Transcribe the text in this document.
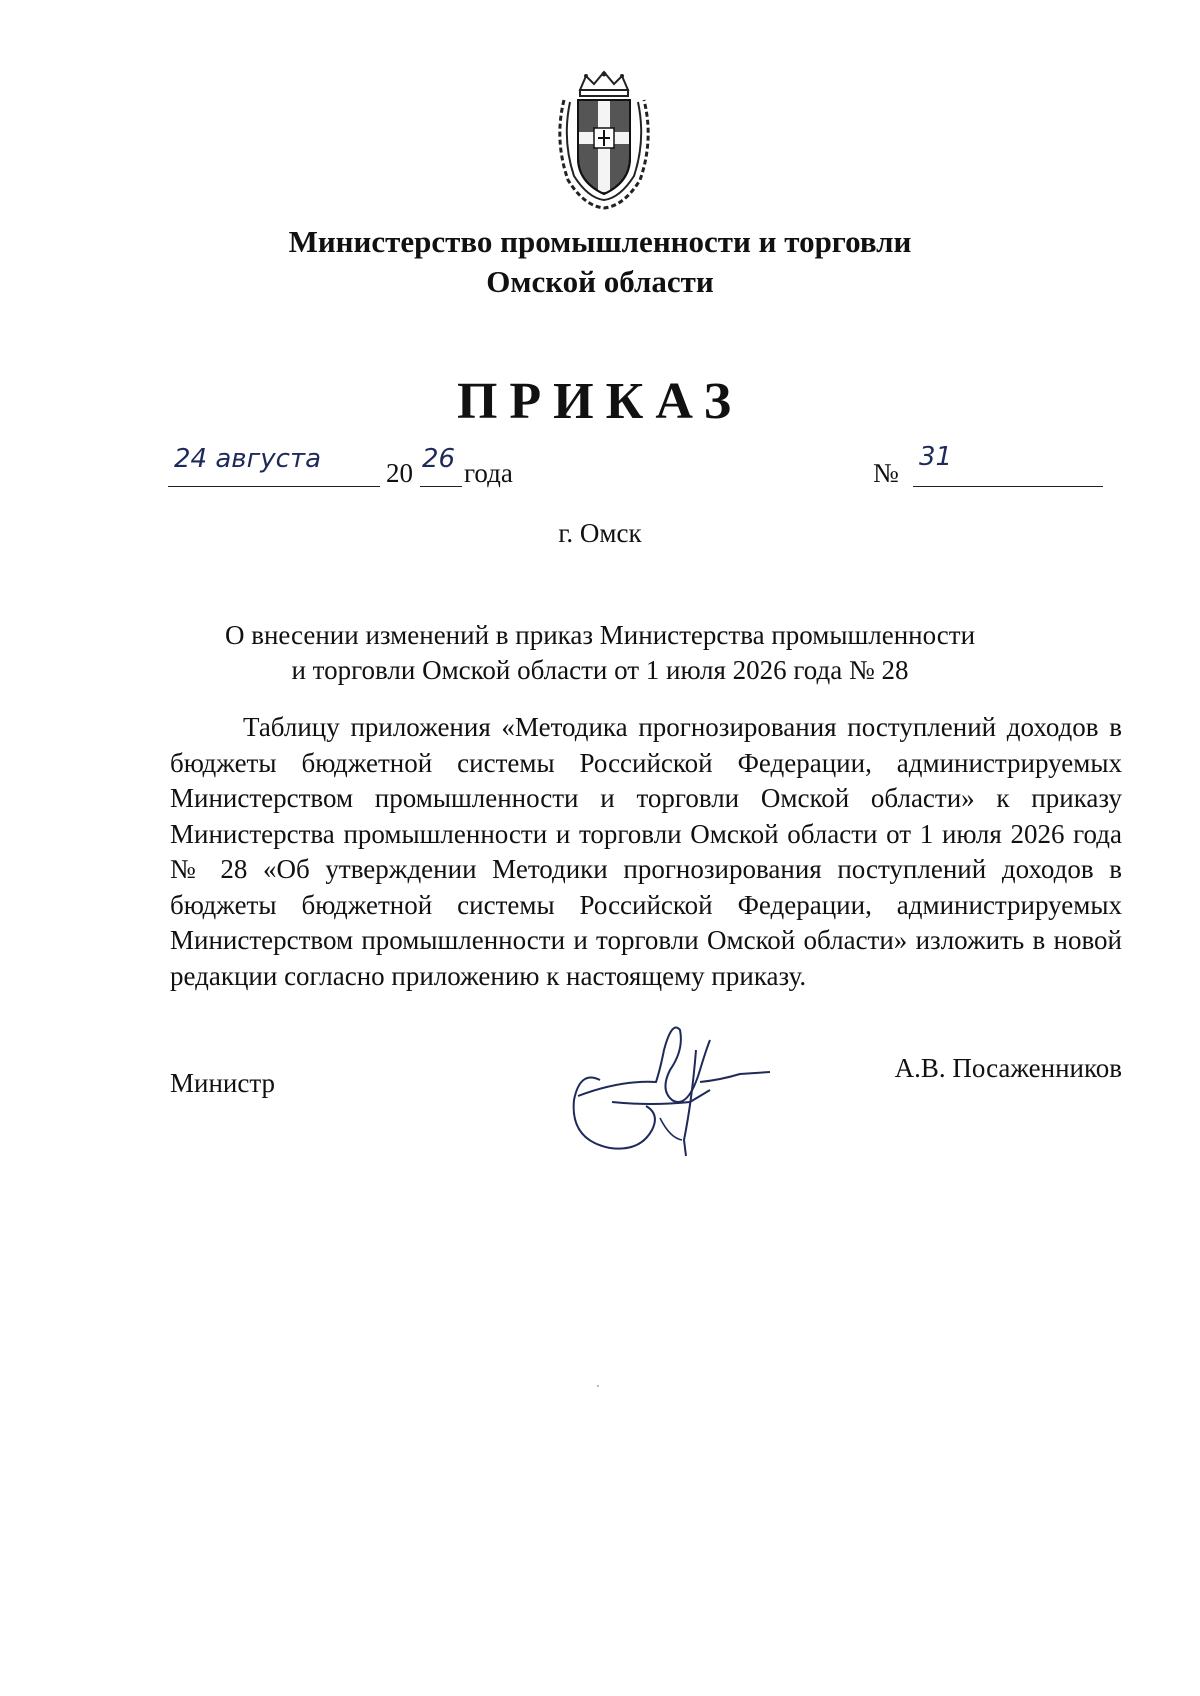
Министерство промышленности и торговли
Омской области
ПРИКАЗ
24 августа 20 26 года	№
31
г. Омск
О внесении изменений в приказ Министерства промышленности
и торговли Омской области от 1 июля 2026 года № 28
Таблицу приложения «Методика прогнозирования поступлений доходов в бюджеты бюджетной системы Российской Федерации, администрируемых Министерством промышленности и торговли Омской области» к приказу Министерства промышленности и торговли Омской области от 1 июля 2026 года № 28 «Об утверждении Методики прогнозирования поступлений доходов в бюджеты бюджетной системы Российской Федерации, администрируемых Министерством промышленности и торговли Омской области» изложить в новой редакции согласно приложению к настоящему приказу.
Министр	А.В. Посаженников
